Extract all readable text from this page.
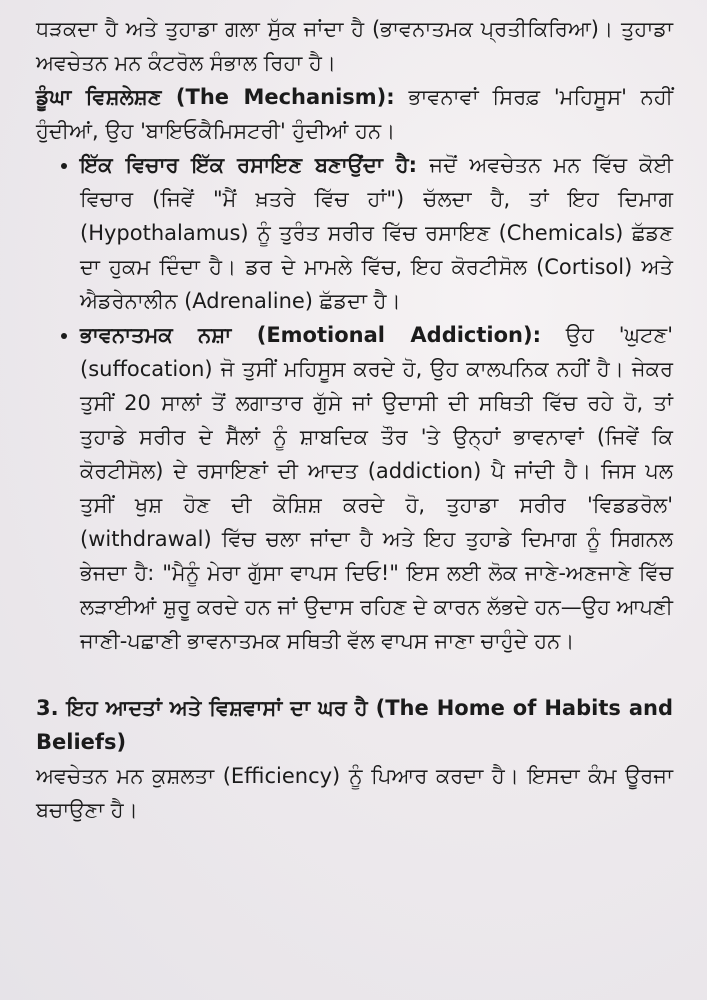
ਧੜਕਦਾ ਹੈ ਅਤੇ ਤੁਹਾਡਾ ਗਲਾ ਸੁੱਕ ਜਾਂਦਾ ਹੈ (ਭਾਵਨਾਤਮਕ ਪ੍ਰਤੀਕਿਰਿਆ)। ਤੁਹਾਡਾ ਅਵਚੇਤਨ ਮਨ ਕੰਟਰੋਲ ਸੰਭਾਲ ਰਿਹਾ ਹੈ।

ਡੂੰਘਾ ਵਿਸ਼ਲੇਸ਼ਣ (The Mechanism): ਭਾਵਨਾਵਾਂ ਸਿਰਫ਼ 'ਮਹਿਸੂਸ' ਨਹੀਂ ਹੁੰਦੀਆਂ, ਉਹ 'ਬਾਇਓਕੈਮਿਸਟਰੀ' ਹੁੰਦੀਆਂ ਹਨ।

• ਇੱਕ ਵਿਚਾਰ ਇੱਕ ਰਸਾਇਣ ਬਣਾਉਂਦਾ ਹੈ: ਜਦੋਂ ਅਵਚੇਤਨ ਮਨ ਵਿੱਚ ਕੋਈ ਵਿਚਾਰ (ਜਿਵੇਂ "ਮੈਂ ਖ਼ਤਰੇ ਵਿੱਚ ਹਾਂ") ਚੱਲਦਾ ਹੈ, ਤਾਂ ਇਹ ਦਿਮਾਗ (Hypothalamus) ਨੂੰ ਤੁਰੰਤ ਸਰੀਰ ਵਿੱਚ ਰਸਾਇਣ (Chemicals) ਛੱਡਣ ਦਾ ਹੁਕਮ ਦਿੰਦਾ ਹੈ। ਡਰ ਦੇ ਮਾਮਲੇ ਵਿੱਚ, ਇਹ ਕੋਰਟੀਸੋਲ (Cortisol) ਅਤੇ ਐਡਰੇਨਾਲੀਨ (Adrenaline) ਛੱਡਦਾ ਹੈ।
• ਭਾਵਨਾਤਮਕ ਨਸ਼ਾ (Emotional Addiction): ਉਹ 'ਘੁਟਣ' (suffocation) ਜੋ ਤੁਸੀਂ ਮਹਿਸੂਸ ਕਰਦੇ ਹੋ, ਉਹ ਕਾਲਪਨਿਕ ਨਹੀਂ ਹੈ। ਜੇਕਰ ਤੁਸੀਂ 20 ਸਾਲਾਂ ਤੋਂ ਲਗਾਤਾਰ ਗੁੱਸੇ ਜਾਂ ਉਦਾਸੀ ਦੀ ਸਥਿਤੀ ਵਿੱਚ ਰਹੇ ਹੋ, ਤਾਂ ਤੁਹਾਡੇ ਸਰੀਰ ਦੇ ਸੈੱਲਾਂ ਨੂੰ ਸ਼ਾਬਦਿਕ ਤੌਰ 'ਤੇ ਉਨ੍ਹਾਂ ਭਾਵਨਾਵਾਂ (ਜਿਵੇਂ ਕਿ ਕੋਰਟੀਸੋਲ) ਦੇ ਰਸਾਇਣਾਂ ਦੀ ਆਦਤ (addiction) ਪੈ ਜਾਂਦੀ ਹੈ। ਜਿਸ ਪਲ ਤੁਸੀਂ ਖੁਸ਼ ਹੋਣ ਦੀ ਕੋਸ਼ਿਸ਼ ਕਰਦੇ ਹੋ, ਤੁਹਾਡਾ ਸਰੀਰ 'ਵਿਡਡਰੋਲ' (withdrawal) ਵਿੱਚ ਚਲਾ ਜਾਂਦਾ ਹੈ ਅਤੇ ਇਹ ਤੁਹਾਡੇ ਦਿਮਾਗ ਨੂੰ ਸਿਗਨਲ ਭੇਜਦਾ ਹੈ: "ਮੈਨੂੰ ਮੇਰਾ ਗੁੱਸਾ ਵਾਪਸ ਦਿਓ!" ਇਸ ਲਈ ਲੋਕ ਜਾਣੇ-ਅਣਜਾਣੇ ਵਿੱਚ ਲੜਾਈਆਂ ਸ਼ੁਰੂ ਕਰਦੇ ਹਨ ਜਾਂ ਉਦਾਸ ਰਹਿਣ ਦੇ ਕਾਰਨ ਲੱਭਦੇ ਹਨ—ਉਹ ਆਪਣੀ ਜਾਣੀ-ਪਛਾਣੀ ਭਾਵਨਾਤਮਕ ਸਥਿਤੀ ਵੱਲ ਵਾਪਸ ਜਾਣਾ ਚਾਹੁੰਦੇ ਹਨ।

3. ਇਹ ਆਦਤਾਂ ਅਤੇ ਵਿਸ਼ਵਾਸਾਂ ਦਾ ਘਰ ਹੈ (The Home of Habits and Beliefs)

ਅਵਚੇਤਨ ਮਨ ਕੁਸ਼ਲਤਾ (Efficiency) ਨੂੰ ਪਿਆਰ ਕਰਦਾ ਹੈ। ਇਸਦਾ ਕੰਮ ਊਰਜਾ ਬਚਾਉਣਾ ਹੈ।
